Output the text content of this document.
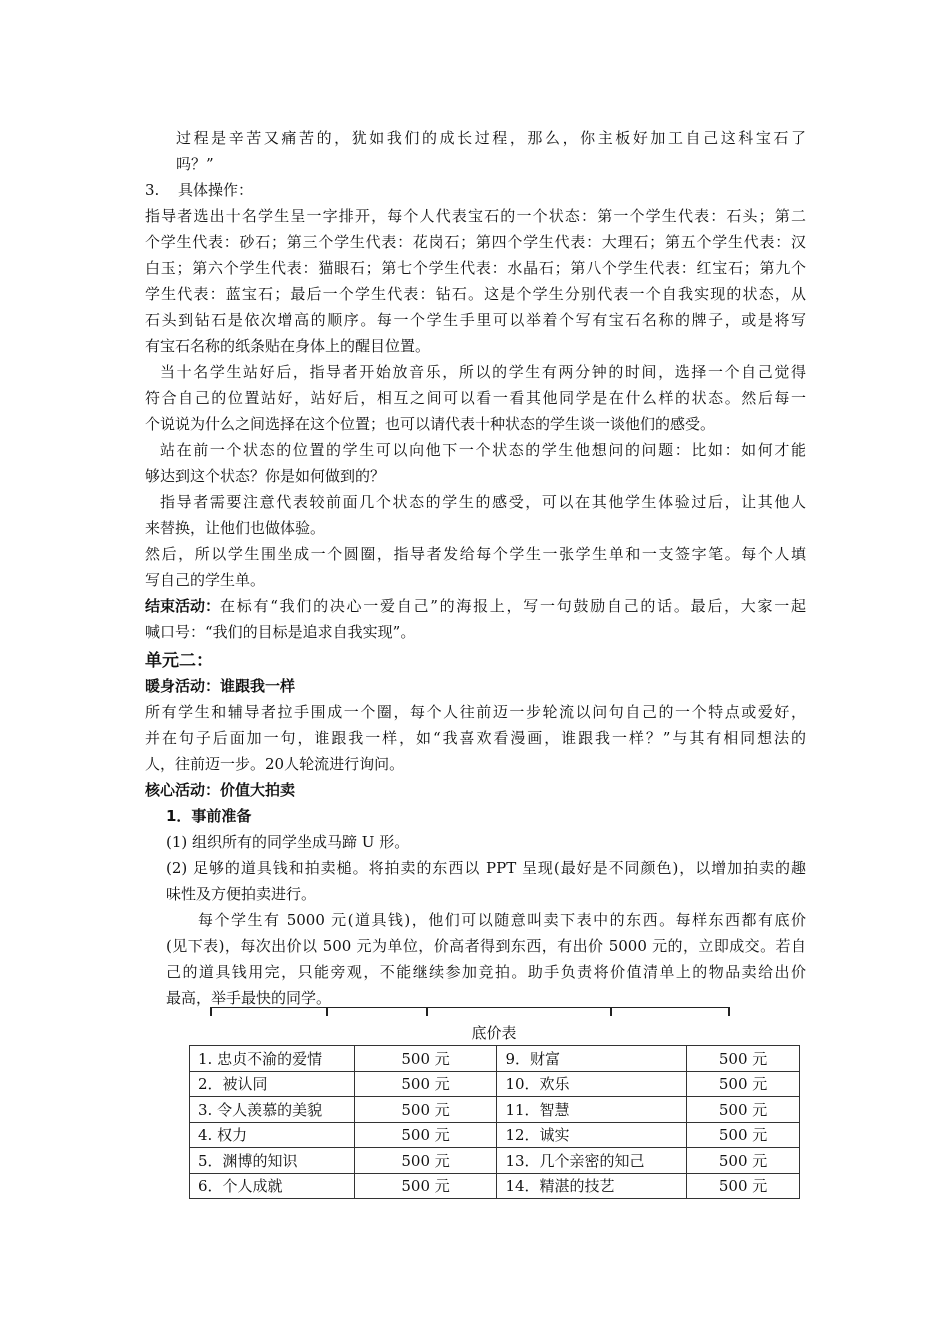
过程是辛苦又痛苦的，犹如我们的成长过程，那么，你主板好加工自己这科宝石了
吗？”
3. 具体操作：
指导者选出十名学生呈一字排开，每个人代表宝石的一个状态：第一个学生代表：石头；第二
个学生代表：砂石；第三个学生代表：花岗石；第四个学生代表：大理石；第五个学生代表：汉
白玉；第六个学生代表：猫眼石；第七个学生代表：水晶石；第八个学生代表：红宝石；第九个
学生代表：蓝宝石；最后一个学生代表：钻石。这是个学生分别代表一个自我实现的状态，从
石头到钻石是依次增高的顺序。每一个学生手里可以举着个写有宝石名称的牌子，或是将写
有宝石名称的纸条贴在身体上的醒目位置。
当十名学生站好后，指导者开始放音乐，所以的学生有两分钟的时间，选择一个自己觉得
符合自己的位置站好，站好后，相互之间可以看一看其他同学是在什么样的状态。然后每一
个说说为什么之间选择在这个位置；也可以请代表十种状态的学生谈一谈他们的感受。
站在前一个状态的位置的学生可以向他下一个状态的学生他想问的问题：比如：如何才能
够达到这个状态？你是如何做到的？
指导者需要注意代表较前面几个状态的学生的感受，可以在其他学生体验过后，让其他人
来替换，让他们也做体验。
然后，所以学生围坐成一个圆圈，指导者发给每个学生一张学生单和一支签字笔。每个人填
写自己的学生单。
结束活动： 在标有“我们的决心一爱自己”的海报上，写一句鼓励自己的话。最后，大家一起
喊口号：“我们的目标是追求自我实现”。
单元二：
暖身活动：谁跟我一样
所有学生和辅导者拉手围成一个圈，每个人往前迈一步轮流以问句自己的一个特点或爱好，
并在句子后面加一句，谁跟我一样，如“我喜欢看漫画，谁跟我一样？”与其有相同想法的
人，往前迈一步。20人轮流进行询问。
核心活动：价值大拍卖
1．事前准备
(1) 组织所有的同学坐成马蹄 U 形。
(2) 足够的道具钱和拍卖槌。将拍卖的东西以 PPT 呈现(最好是不同颜色)，以增加拍卖的趣
味性及方便拍卖进行。
每个学生有 5000 元(道具钱)，他们可以随意叫卖下表中的东西。每样东西都有底价
(见下表)，每次出价以 500 元为单位，价高者得到东西，有出价 5000 元的，立即成交。若自
己的道具钱用完，只能旁观，不能继续参加竞拍。助手负责将价值清单上的物品卖给出价
最高，举手最快的同学。
底价表
1. 忠贞不渝的爱情	500 元	9．财富	500 元
2．被认同	500 元	10．欢乐	500 元
3. 令人羡慕的美貌	500 元	11．智慧	500 元
4. 权力	500 元	12．诚实	500 元
5．渊博的知识	500 元	13．几个亲密的知己	500 元
6．个人成就	500 元	14．精湛的技艺	500 元
